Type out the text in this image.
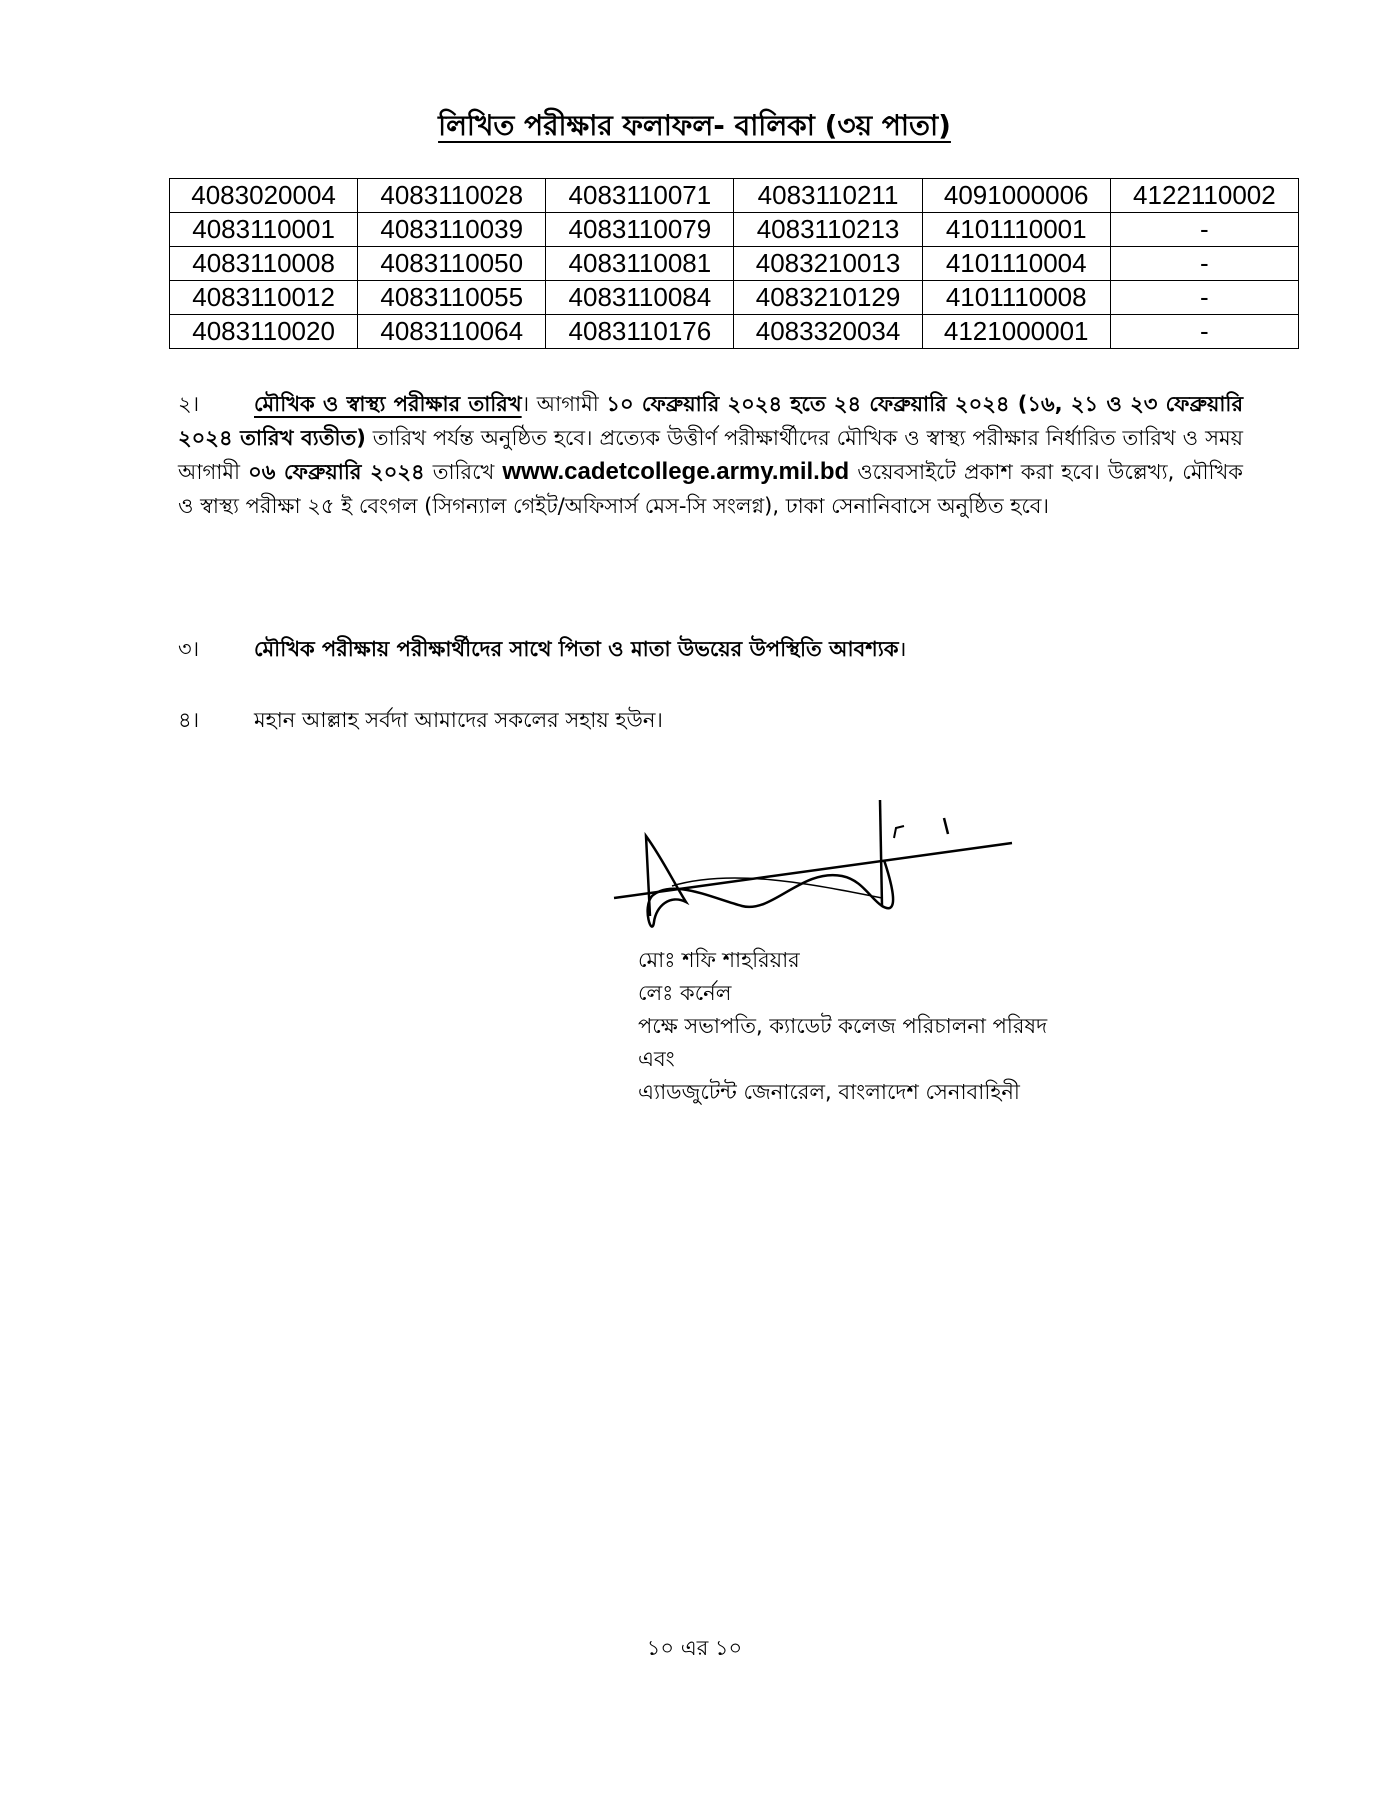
লিখিত পরীক্ষার ফলাফল- বালিকা (৩য় পাতা)
4083020004	4083110028	4083110071	4083110211	4091000006	4122110002
4083110001	4083110039	4083110079	4083110213	4101110001	-
4083110008	4083110050	4083110081	4083210013	4101110004	-
4083110012	4083110055	4083110084	4083210129	4101110008	-
4083110020	4083110064	4083110176	4083320034	4121000001	-
২।	মৌখিক ও স্বাস্থ্য পরীক্ষার তারিখ। আগামী ১০ ফেব্রুয়ারি ২০২৪ হতে ২৪ ফেব্রুয়ারি ২০২৪ (১৬, ২১ ও ২৩ ফেব্রুয়ারি ২০২৪ তারিখ ব্যতীত) তারিখ পর্যন্ত অনুষ্ঠিত হবে। প্রত্যেক উত্তীর্ণ পরীক্ষার্থীদের মৌখিক ও স্বাস্থ্য পরীক্ষার নির্ধারিত তারিখ ও সময় আগামী ০৬ ফেব্রুয়ারি ২০২৪ তারিখে www.cadetcollege.army.mil.bd ওয়েবসাইটে প্রকাশ করা হবে। উল্লেখ্য, মৌখিক ও স্বাস্থ্য পরীক্ষা ২৫ ই বেংগল (সিগন্যাল গেইট/অফিসার্স মেস-সি সংলগ্ন), ঢাকা সেনানিবাসে অনুষ্ঠিত হবে।
৩।	মৌখিক পরীক্ষায় পরীক্ষার্থীদের সাথে পিতা ও মাতা উভয়ের উপস্থিতি আবশ্যক।
৪।	মহান আল্লাহ সর্বদা আমাদের সকলের সহায় হউন।
মোঃ শফি শাহরিয়ার
লেঃ কর্নেল
পক্ষে সভাপতি, ক্যাডেট কলেজ পরিচালনা পরিষদ
এবং
এ্যাডজুটেন্ট জেনারেল, বাংলাদেশ সেনাবাহিনী
১০ এর ১০
